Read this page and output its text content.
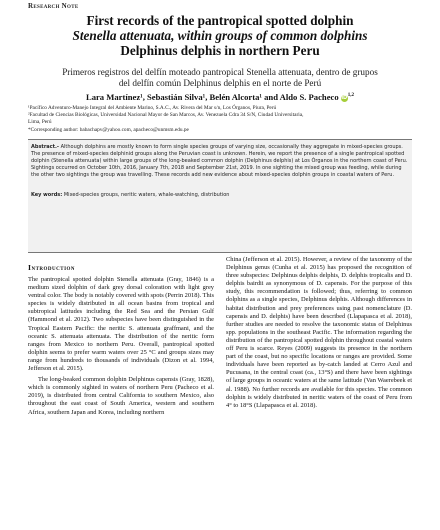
Research Note
First records of the pantropical spotted dolphin
Stenella attenuata, within groups of common dolphins
Delphinus delphis in northern Peru
Primeros registros del delfín moteado pantropical Stenella attenuata, dentro de grupos
del delfín común Delphinus delphis en el norte de Perú
Lara Martínez¹, Sebastián Silva¹, Belén Alcorta¹ and Aldo S. Pacheco iD$^{1,2}$
¹Pacífico Adventuro-Manejo Integral del Ambiente Marino, S.A.C., Av. Rivera del Mar s/n, Los Órganos, Piura, Perú
²Facultad de Ciencias Biológicas, Universidad Nacional Mayor de San Marcos, Av. Venezuela Cdra 34 S/N, Ciudad Universitaria,
Lima, Perú
*Corresponding author: babachapv@yahoo.com, apacheco@unmsm.edu.pe

Abstract.- Although dolphins are mostly known to form single species groups of varying size, occasionally they aggregate in mixed-species groups. The presence of mixed-species delphinid groups along the Peruvian coast is unknown. Herein, we report the presence of a single pantropical spotted dolphin (Stenella attenuata) within large groups of the long-beaked common dolphin (Delphinus delphis) at Los Órganos in the northern coast of Peru. Sightings occurred on October 10th, 2016, January 7th, 2018 and September 21st, 2019. In one sighting the mixed group was feeding, while during the other two sightings the group was travelling. These records add new evidence about mixed-species dolphin groups in coastal waters of Peru.

Key words: Mixed-species groups, neritic waters, whale-watching, distribution

Introduction

The pantropical spotted dolphin Stenella attenuata (Gray, 1846) is a medium sized dolphin of dark grey dorsal coloration with light grey ventral color. The body is notably covered with spots (Perrin 2018). This species is widely distributed in all ocean basins from tropical and subtropical latitudes including the Red Sea and the Persian Gulf (Hammond et al. 2012). Two subspecies have been distinguished in the Tropical Eastern Pacific: the neritic S. attenuata graffmani, and the oceanic S. attenuata attenuata. The distribution of the neritic form ranges from Mexico to northern Peru. Overall, pantropical spotted dolphin seems to prefer warm waters over 25 °C and groups sizes may range from hundreds to thousands of individuals (Dizon et al. 1994, Jefferson et al. 2015).

The long-beaked common dolphin Delphinus capensis (Gray, 1828), which is commonly sighted in waters of northern Peru (Pacheco et al. 2019), is distributed from central California to southern Mexico, also throughout the east coast of South America, western and southern Africa, southern Japan and Korea, including northern

China (Jefferson et al. 2015). However, a review of the taxonomy of the Delphinus genus (Cunha et al. 2015) has proposed the recognition of three subspecies: Delphinus delphis delphis, D. delphis tropicalis and D. delphis bairdii as synonymous of D. capensis. For the purpose of this study, this recommendation is followed; thus, referring to common dolphins as a single species, Delphinus delphis. Although differences in habitat distribution and prey preferences using past nomenclature (D. capensis and D. delphis) have been described (Llapapasca et al. 2018), further studies are needed to resolve the taxonomic status of Delphinus spp. populations in the southeast Pacific. The information regarding the distribution of the pantropical spotted dolphin throughout coastal waters off Peru is scarce. Reyes (2009) suggests its presence in the northern part of the coast, but no specific locations or ranges are provided. Some individuals have been reported as by-catch landed at Cerro Azul and Pucusana, in the central coast (ca., 13°S) and there have been sightings of large groups in oceanic waters at the same latitude (Van Waerebeek et al. 1988). No further records are available for this species. The common dolphin is widely distributed in neritic waters of the coast of Peru from 4° to 18°S (Llapapasca et al. 2018).
